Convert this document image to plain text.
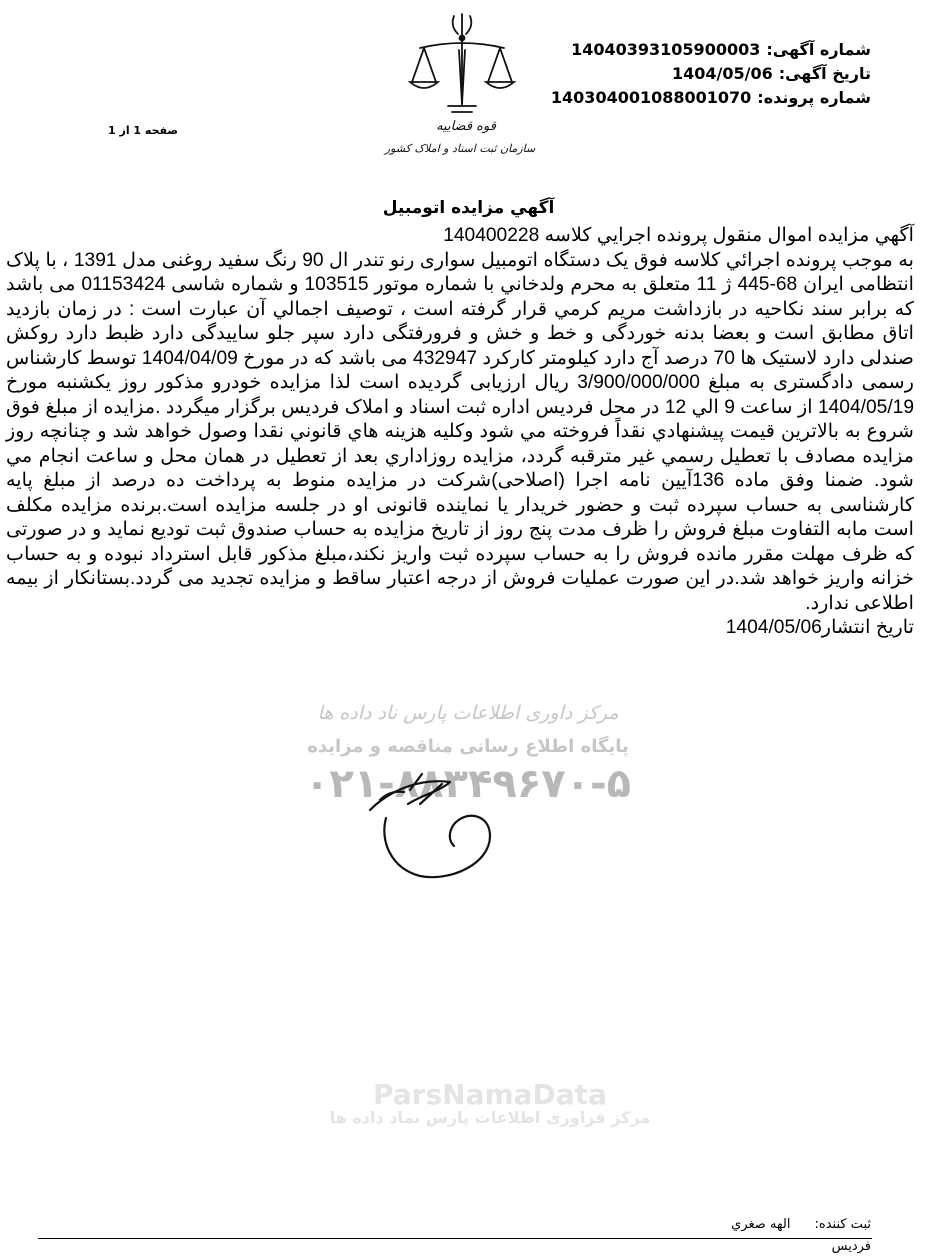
شماره آگهی:14040393105900003
تاریخ آگهی:1404/05/06
شماره پرونده:140304001088001070
صفحه 1 از 1	قوه قضاییه
سازمان ثبت اسناد و املاک کشور
آگهي مزايده اتومبيل

آگهي مزايده اموال منقول پرونده اجرايي کلاسه 140400228

به موجب پرونده اجرائي کلاسه فوق يک دستگاه اتومبیل سواری رنو تندر ال 90 رنگ سفید روغنی مدل 1391 ، با پلاک انتظامی ایران 68-445 ژ 11 متعلق به محرم ولدخاني با شماره موتور 103515 و شماره شاسی 01153424 می باشد که برابر سند نکاحیه در بازداشت مریم کرمي قرار گرفته است ، توصيف اجمالي آن عبارت است : در زمان بازدید اتاق مطابق است و بعضا بدنه خوردگی و خط و خش و فرورفتگی دارد سپر جلو ساییدگی دارد ظبط دارد روکش صندلی دارد لاستیک ها 70 درصد آج دارد کیلومتر کارکرد 432947 می باشد که در مورخ 1404/04/09 توسط کارشناس رسمی دادگستری به مبلغ 3/900/000/000 ريال ارزيابی گرديده است لذا مزايده خودرو مذکور روز يکشنبه مورخ 1404/05/19 از ساعت 9 الي 12 در محل فرديس اداره ثبت اسناد و املاک فرديس برگزار ميگردد .مزايده از مبلغ فوق شروع به بالاترين قيمت پيشنهادي نقداً فروخته مي شود وکليه هزينه هاي قانوني نقدا وصول خواهد شد و چنانچه روز مزايده مصادف با تعطيل رسمي غير مترقبه گردد، مزايده روزاداري بعد از تعطيل در همان محل و ساعت انجام مي شود. ضمنا وفق ماده 136آيين نامه اجرا (اصلاحی)شرکت در مزایده منوط به پرداخت ده درصد از مبلغ پایه کارشناسی به حساب سپرده ثبت و حضور خریدار یا نماینده قانونی او در جلسه مزایده است.برنده مزایده مکلف است مابه التفاوت مبلغ فروش را ظرف مدت پنج روز از تاریخ مزایده به حساب صندوق ثبت تودیع نماید و در صورتی که ظرف مهلت مقرر مانده فروش را به حساب سپرده ثبت واریز نکند،مبلغ مذکور قابل استرداد نبوده و به حساب خزانه واریز خواهد شد.در این صورت عملیات فروش از درجه اعتبار ساقط و مزایده تجدید می گردد.بستانکار از بیمه اطلاعی ندارد.

تاریخ انتشار1404/05/06

مرکز داوری اطلاعات پارس ناد داده ها
پایگاه اطلاع رسانی مناقصه و مزایده
۰۲۱-۸۸۳۴۹۶۷۰-۵
ParsNamaData
مرکز فراوری اطلاعات پارس نماد داده ها
ثبت کننده:الهه صغري
فرديس
